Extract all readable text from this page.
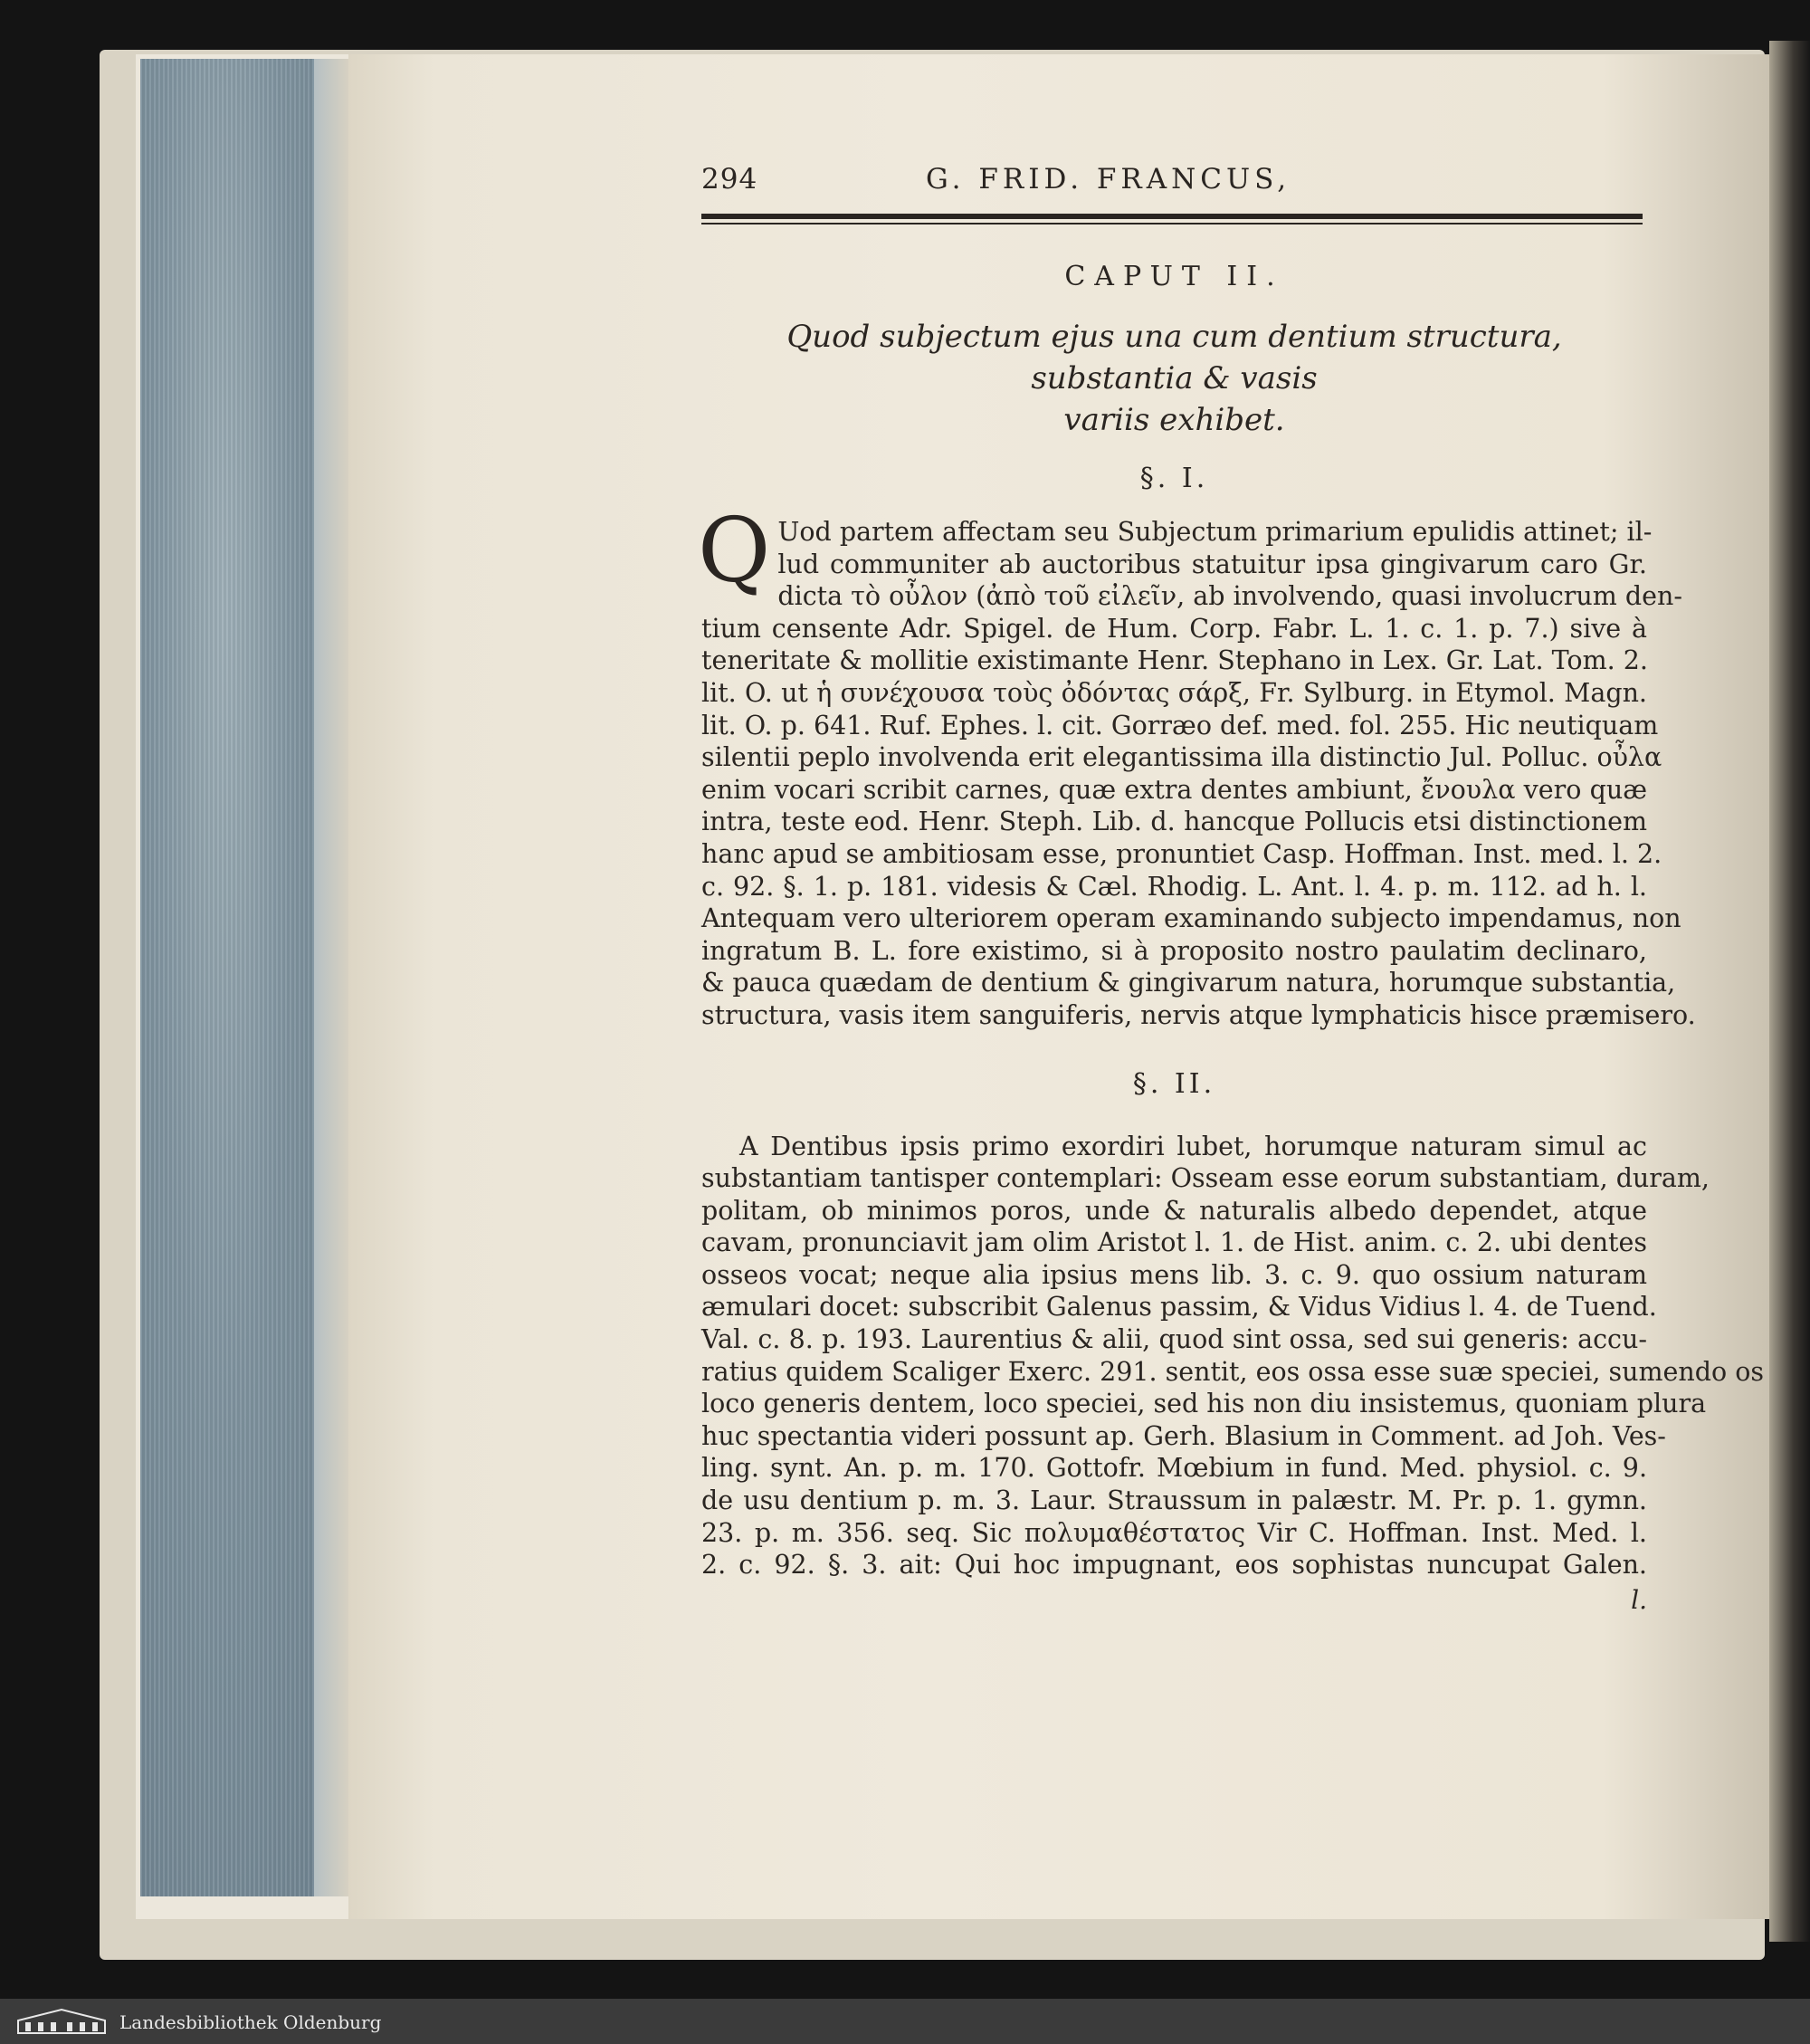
294	G. FRID. FRANCUS,
CAPUT II.
Quod subjectum ejus una cum dentium structura, substantia & vasis
variis exhibet.
§. I.
Q Uod partem affectam seu Subjectum primarium epulidis attinet; il-
lud communiter ab auctoribus statuitur ipsa gingivarum caro Gr.
dicta τὸ οὖλον (ἀπὸ τοῦ εἰλεῖν, ab involvendo, quasi involucrum den-
tium censente Adr. Spigel. de Hum. Corp. Fabr. L. 1. c. 1. p. 7.) sive à
teneritate & mollitie existimante Henr. Stephano in Lex. Gr. Lat. Tom. 2.
lit. O. ut ἡ συνέχουσα τοὺς ὀδόντας σάρξ, Fr. Sylburg. in Etymol. Magn.
lit. O. p. 641. Ruf. Ephes. l. cit. Gorræo def. med. fol. 255. Hic neutiquam
silentii peplo involvenda erit elegantissima illa distinctio Jul. Polluc. οὖλα
enim vocari scribit carnes, quæ extra dentes ambiunt, ἔνουλα vero quæ
intra, teste eod. Henr. Steph. Lib. d. hancque Pollucis etsi distinctionem
hanc apud se ambitiosam esse, pronuntiet Casp. Hoffman. Inst. med. l. 2.
c. 92. §. 1. p. 181. videsis & Cæl. Rhodig. L. Ant. l. 4. p. m. 112. ad h. l.
Antequam vero ulteriorem operam examinando subjecto impendamus, non
ingratum B. L. fore existimo, si à proposito nostro paulatim declinaro,
& pauca quædam de dentium & gingivarum natura, horumque substantia,
structura, vasis item sanguiferis, nervis atque lymphaticis hisce præmisero.
§. II.
A Dentibus ipsis primo exordiri lubet, horumque naturam simul ac
substantiam tantisper contemplari: Osseam esse eorum substantiam, duram,
politam, ob minimos poros, unde & naturalis albedo dependet, atque
cavam, pronunciavit jam olim Aristot l. 1. de Hist. anim. c. 2. ubi dentes
osseos vocat; neque alia ipsius mens lib. 3. c. 9. quo ossium naturam
æmulari docet: subscribit Galenus passim, & Vidus Vidius l. 4. de Tuend.
Val. c. 8. p. 193. Laurentius & alii, quod sint ossa, sed sui generis: accu-
ratius quidem Scaliger Exerc. 291. sentit, eos ossa esse suæ speciei, sumendo os
loco generis dentem, loco speciei, sed his non diu insistemus, quoniam plura
huc spectantia videri possunt ap. Gerh. Blasium in Comment. ad Joh. Ves-
ling. synt. An. p. m. 170. Gottofr. Mœbium in fund. Med. physiol. c. 9.
de usu dentium p. m. 3. Laur. Straussum in palæstr. M. Pr. p. 1. gymn.
23. p. m. 356. seq. Sic πολυμαθέστατος Vir C. Hoffman. Inst. Med. l.
2. c. 92. §. 3. ait: Qui hoc impugnant, eos sophistas nuncupat Galen.
l.
Landesbibliothek Oldenburg
